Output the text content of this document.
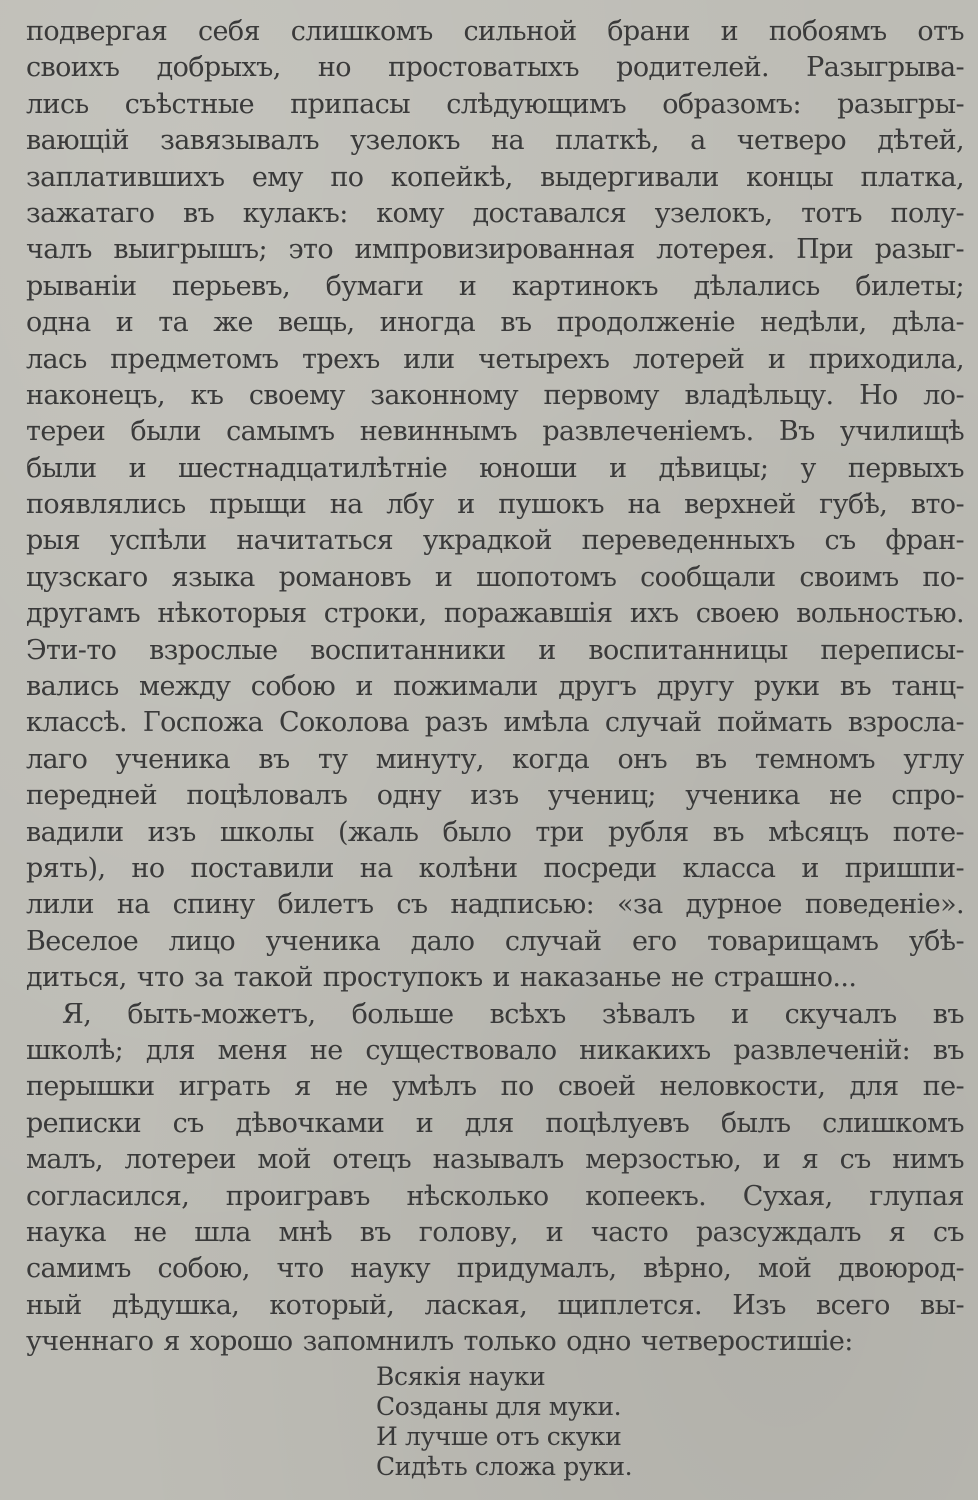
подвергая себя слишкомъ сильной брани и побоямъ отъ
своихъ добрыхъ, но простоватыхъ родителей. Разыгрыва-
лись съѣстные припасы слѣдующимъ образомъ: разыгры-
вающій завязывалъ узелокъ на платкѣ, а четверо дѣтей,
заплатившихъ ему по копейкѣ, выдергивали концы платка,
зажатаго въ кулакъ: кому доставался узелокъ, тотъ полу-
чалъ выигрышъ; это импровизированная лотерея. При разыг-
рываніи перьевъ, бумаги и картинокъ дѣлались билеты;
одна и та же вещь, иногда въ продолженіе недѣли, дѣла-
лась предметомъ трехъ или четырехъ лотерей и приходила,
наконецъ, къ своему законному первому владѣльцу. Но ло-
тереи были самымъ невиннымъ развлеченіемъ. Въ училищѣ
были и шестнадцатилѣтніе юноши и дѣвицы; у первыхъ
появлялись прыщи на лбу и пушокъ на верхней губѣ, вто-
рыя успѣли начитаться украдкой переведенныхъ съ фран-
цузскаго языка романовъ и шопотомъ сообщали своимъ по-
другамъ нѣкоторыя строки, поражавшія ихъ своею вольностью.
Эти-то взрослые воспитанники и воспитанницы переписы-
вались между собою и пожимали другъ другу руки въ танц-
классѣ. Госпожа Соколова разъ имѣла случай поймать взросла-
лаго ученика въ ту минуту, когда онъ въ темномъ углу
передней поцѣловалъ одну изъ учениц; ученика не спро-
вадили изъ школы (жаль было три рубля въ мѣсяцъ поте-
рять), но поставили на колѣни посреди класса и пришпи-
лили на спину билетъ съ надписью: «за дурное поведеніе».
Веселое лицо ученика дало случай его товарищамъ убѣ-
диться, что за такой проступокъ и наказанье не страшно...
Я, быть-можетъ, больше всѣхъ зѣвалъ и скучалъ въ
школѣ; для меня не существовало никакихъ развлеченій: въ
перышки играть я не умѣлъ по своей неловкости, для пе-
реписки съ дѣвочками и для поцѣлуевъ былъ слишкомъ
малъ, лотереи мой отецъ называлъ мерзостью, и я съ нимъ
согласился, проигравъ нѣсколько копеекъ. Сухая, глупая
наука не шла мнѣ въ голову, и часто разсуждалъ я съ
самимъ собою, что науку придумалъ, вѣрно, мой двоюрод-
ный дѣдушка, который, лаская, щиплется. Изъ всего вы-
ученнаго я хорошо запомнилъ только одно четверостишіе:
Всякія науки
Созданы для муки.
И лучше отъ скуки
Сидѣть сложа руки.
